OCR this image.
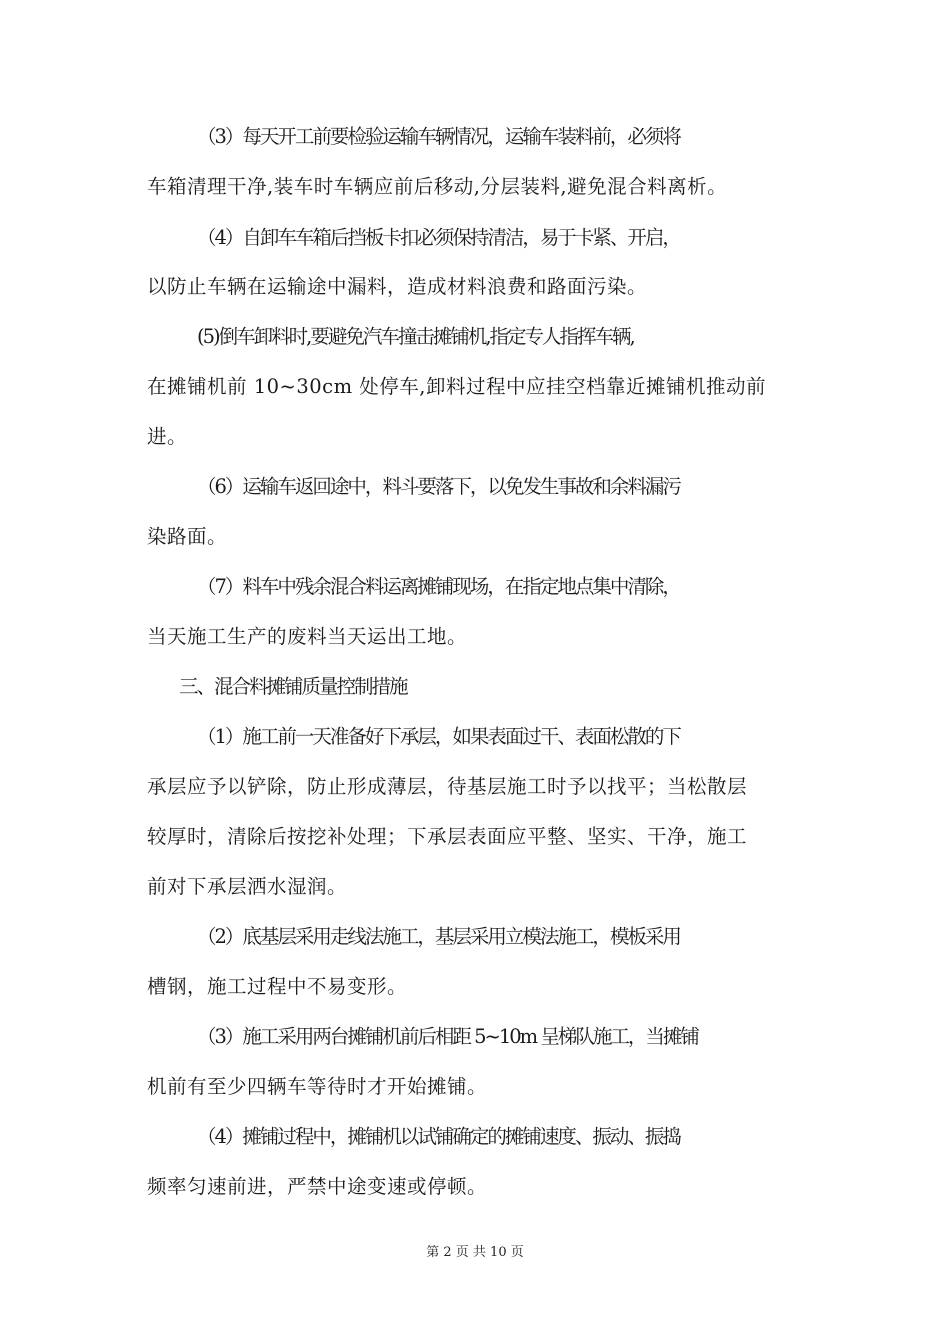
（3）每天开工前要检验运输车辆情况，运输车装料前，必须将
车箱清理干净,装车时车辆应前后移动,分层装料,避免混合料离析。
（4）自卸车车箱后挡板卡扣必须保持清洁，易于卡紧、开启，
以防止车辆在运输途中漏料，造成材料浪费和路面污染。
(5)倒车卸料时,要避免汽车撞击摊铺机,指定专人指挥车辆,
在摊铺机前 10~30cm 处停车,卸料过程中应挂空档靠近摊铺机推动前
进。
（6）运输车返回途中，料斗要落下，以免发生事故和余料漏污
染路面。
（7）料车中残余混合料运离摊铺现场，在指定地点集中清除，
当天施工生产的废料当天运出工地。
三、混合料摊铺质量控制措施
（1）施工前一天准备好下承层，如果表面过干、表面松散的下
承层应予以铲除，防止形成薄层，待基层施工时予以找平；当松散层
较厚时，清除后按挖补处理；下承层表面应平整、坚实、干净，施工
前对下承层洒水湿润。
（2）底基层采用走线法施工，基层采用立模法施工，模板采用
槽钢，施工过程中不易变形。
（3）施工采用两台摊铺机前后相距 5~10m 呈梯队施工，当摊铺
机前有至少四辆车等待时才开始摊铺。
（4）摊铺过程中，摊铺机以试铺确定的摊铺速度、振动、振捣
频率匀速前进，严禁中途变速或停顿。
第 2 页 共 10 页
